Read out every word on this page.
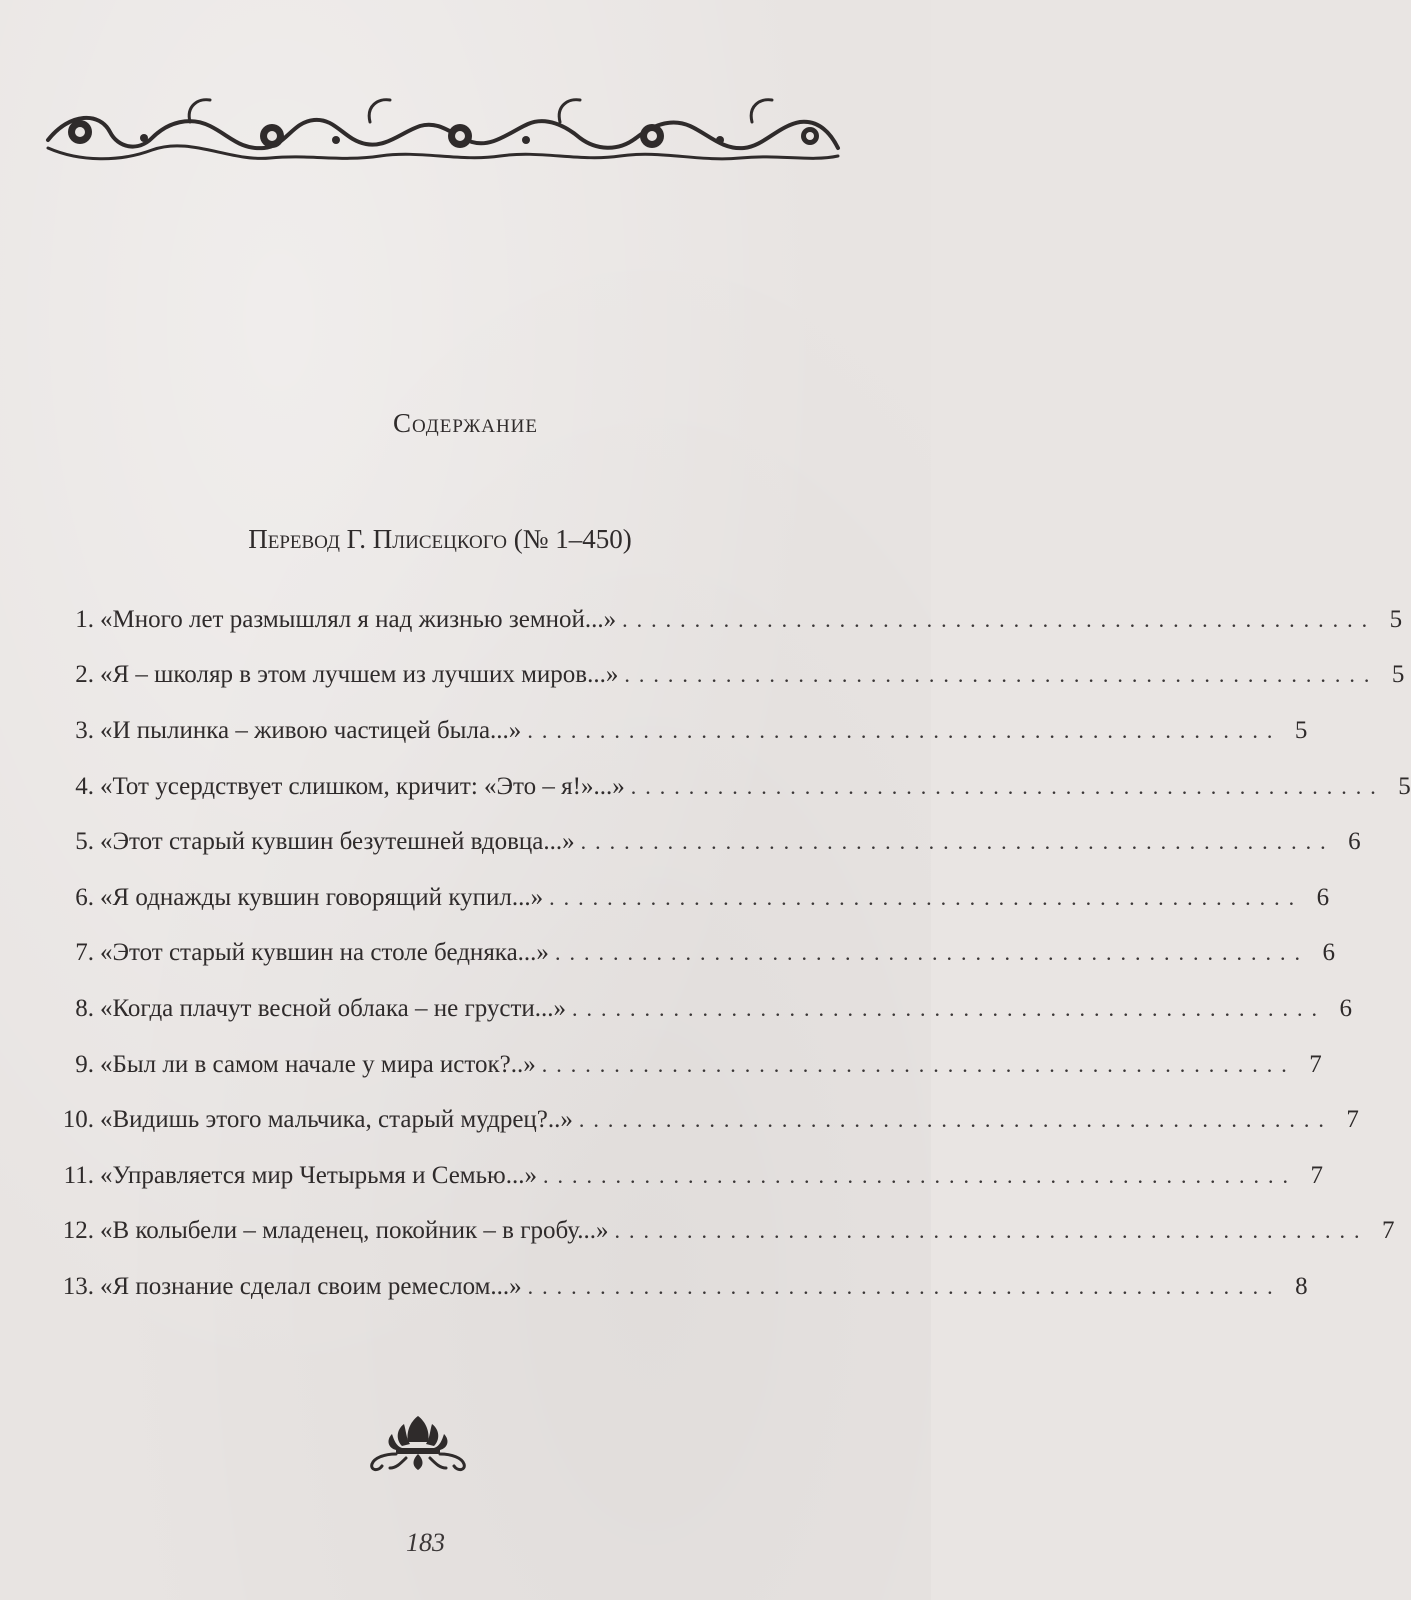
Содержание
Перевод Г. Плисецкого (№ 1–450)
1. «Много лет размышлял я над жизнью земной...» .................................................... 5
2. «Я – школяр в этом лучшем из лучших миров...» .................................................... 5
3. «И пылинка – живою частицей была...» .................................................... 5
4. «Тот усердствует слишком, кричит: «Это – я!»...» .................................................... 5
5. «Этот старый кувшин безутешней вдовца...» .................................................... 6
6. «Я однажды кувшин говорящий купил...» .................................................... 6
7. «Этот старый кувшин на столе бедняка...» .................................................... 6
8. «Когда плачут весной облака – не грусти...» .................................................... 6
9. «Был ли в самом начале у мира исток?..» .................................................... 7
10. «Видишь этого мальчика, старый мудрец?..» .................................................... 7
11. «Управляется мир Четырьмя и Семью...» .................................................... 7
12. «В колыбели – младенец, покойник – в гробу...» .................................................... 7
13. «Я познание сделал своим ремеслом...» .................................................... 8
183
